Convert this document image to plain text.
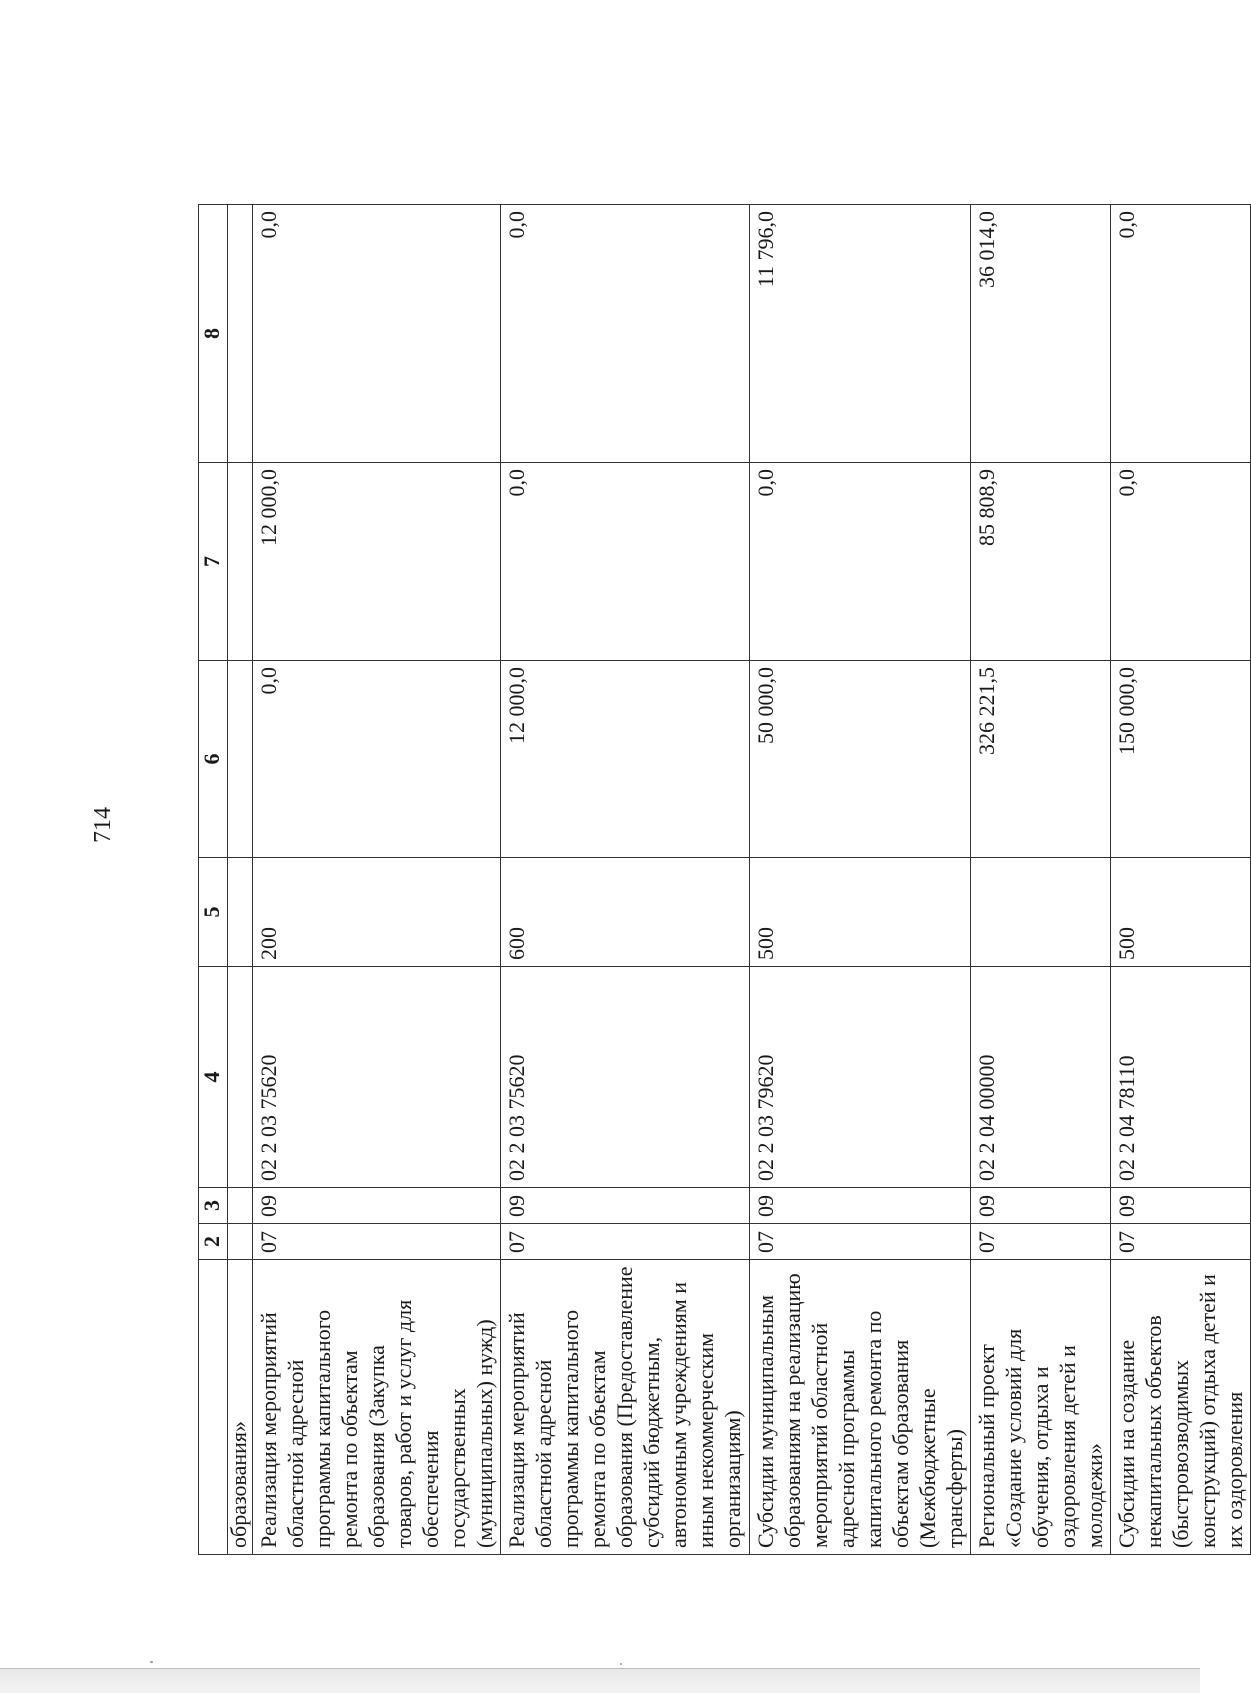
714
	2	3	4	5	6	7	8
образования»							
Реализация мероприятий областной адресной программы капитального ремонта по объектам образования (Закупка товаров, работ и услуг для обеспечения государственных (муниципальных) нужд)	07	09	02 2 03 75620	200	0,0	12 000,0	0,0
Реализация мероприятий областной адресной программы капитального ремонта по объектам образования (Предоставление субсидий бюджетным, автономным учреждениям и иным некоммерческим организациям)	07	09	02 2 03 75620	600	12 000,0	0,0	0,0
Субсидии муниципальным образованиям на реализацию мероприятий областной адресной программы капитального ремонта по объектам образования (Межбюджетные трансферты)	07	09	02 2 03 79620	500	50 000,0	0,0	11 796,0
Региональный проект «Создание условий для обучения, отдыха и оздоровления детей и молодежи»	07	09	02 2 04 00000		326 221,5	85 808,9	36 014,0
Субсидии на создание некапитальных объектов (быстровозводимых конструкций) отдыха детей и их оздоровления	07	09	02 2 04 78110	500	150 000,0	0,0	0,0
